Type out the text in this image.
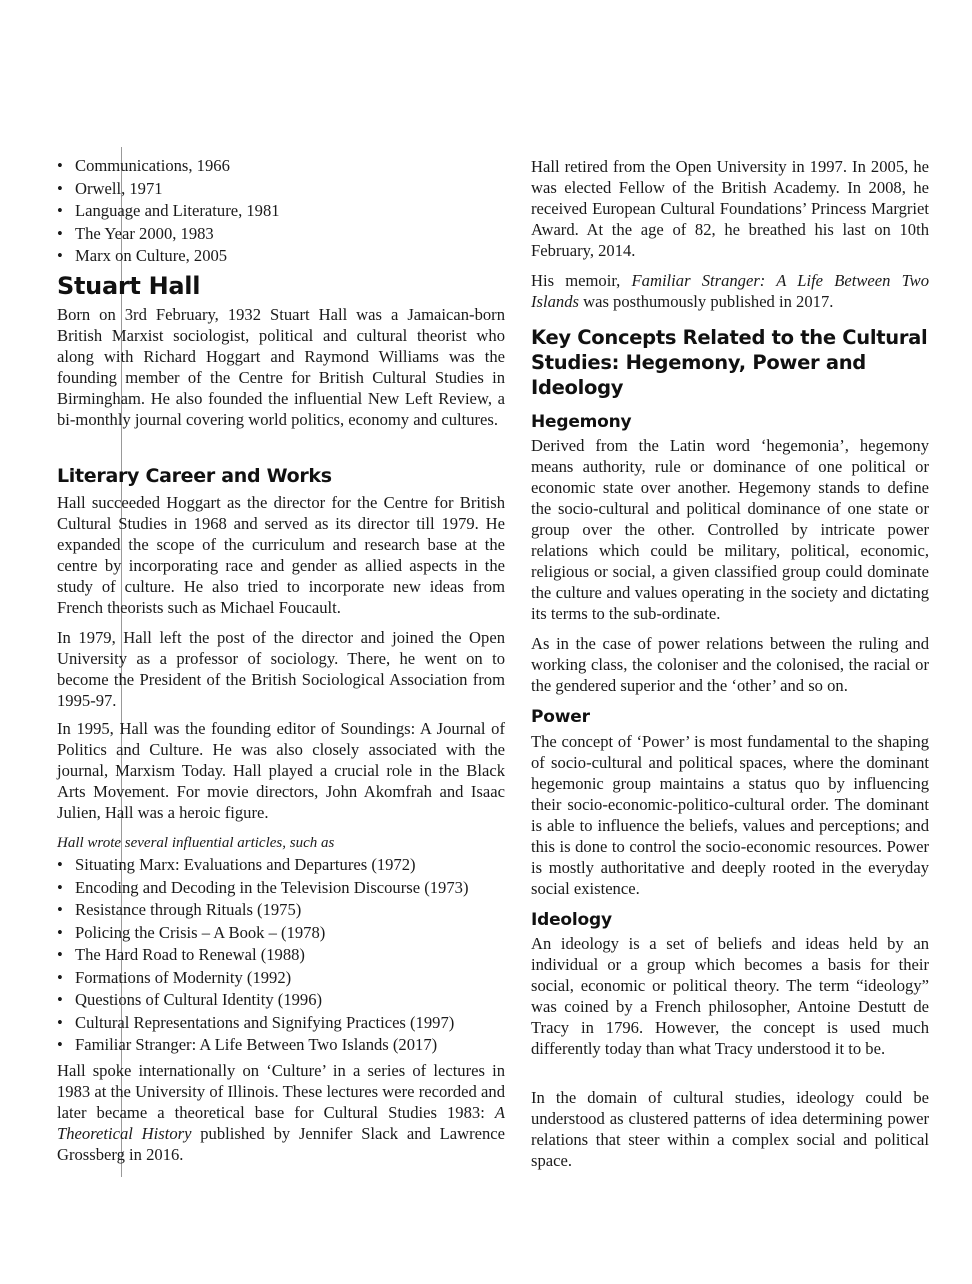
• Communications, 1966
• Orwell, 1971
• Language and Literature, 1981
• The Year 2000, 1983
• Marx on Culture, 2005
Stuart Hall

Born on 3rd February, 1932 Stuart Hall was a Jamaican-born British Marxist sociologist, political and cultural theorist who along with Richard Hoggart and Raymond Williams was the founding member of the Centre for British Cultural Studies in Birmingham. He also founded the influential New Left Review, a bi-monthly journal covering world politics, economy and cultures.

Literary Career and Works

Hall succeeded Hoggart as the director for the Centre for British Cultural Studies in 1968 and served as its director till 1979. He expanded the scope of the curriculum and research base at the centre by incorporating race and gender as allied aspects in the study of culture. He also tried to incorporate new ideas from French theorists such as Michael Foucault.

In 1979, Hall left the post of the director and joined the Open University as a professor of sociology. There, he went on to become the President of the British Sociological Association from 1995-97.

In 1995, Hall was the founding editor of Soundings: A Journal of Politics and Culture. He was also closely associated with the journal, Marxism Today. Hall played a crucial role in the Black Arts Movement. For movie directors, John Akomfrah and Isaac Julien, Hall was a heroic figure.

Hall wrote several influential articles, such as

• Situating Marx: Evaluations and Departures (1972)
• Encoding and Decoding in the Television Discourse (1973)
• Resistance through Rituals (1975)
• Policing the Crisis – A Book – (1978)
• The Hard Road to Renewal (1988)
• Formations of Modernity (1992)
• Questions of Cultural Identity (1996)
• Cultural Representations and Signifying Practices (1997)
• Familiar Stranger: A Life Between Two Islands (2017)

Hall spoke internationally on ‘Culture’ in a series of lectures in 1983 at the University of Illinois. These lectures were recorded and later became a theoretical base for Cultural Studies 1983: A Theoretical History published by Jennifer Slack and Lawrence Grossberg in 2016.

Hall retired from the Open University in 1997. In 2005, he was elected Fellow of the British Academy. In 2008, he received European Cultural Foundations’ Princess Margriet Award. At the age of 82, he breathed his last on 10th February, 2014.

His memoir, Familiar Stranger: A Life Between Two Islands was posthumously published in 2017.

Key Concepts Related to the Cultural Studies: Hegemony, Power and Ideology
Hegemony

Derived from the Latin word ‘hegemonia’, hegemony means authority, rule or dominance of one political or economic state over another. Hegemony stands to define the socio-cultural and political dominance of one state or group over the other. Controlled by intricate power relations which could be military, political, economic, religious or social, a given classified group could dominate the culture and values operating in the society and dictating its terms to the sub-ordinate.

As in the case of power relations between the ruling and working class, the coloniser and the colonised, the racial or the gendered superior and the ‘other’ and so on.

Power

The concept of ‘Power’ is most fundamental to the shaping of socio-cultural and political spaces, where the dominant hegemonic group maintains a status quo by influencing their socio-economic-politico-cultural order. The dominant is able to influence the beliefs, values and perceptions; and this is done to control the socio-economic resources. Power is mostly authoritative and deeply rooted in the everyday social existence.

Ideology

An ideology is a set of beliefs and ideas held by an individual or a group which becomes a basis for their social, economic or political theory. The term “ideology” was coined by a French philosopher, Antoine Destutt de Tracy in 1796. However, the concept is used much differently today than what Tracy understood it to be.

In the domain of cultural studies, ideology could be understood as clustered patterns of idea determining power relations that steer within a complex social and political space.
